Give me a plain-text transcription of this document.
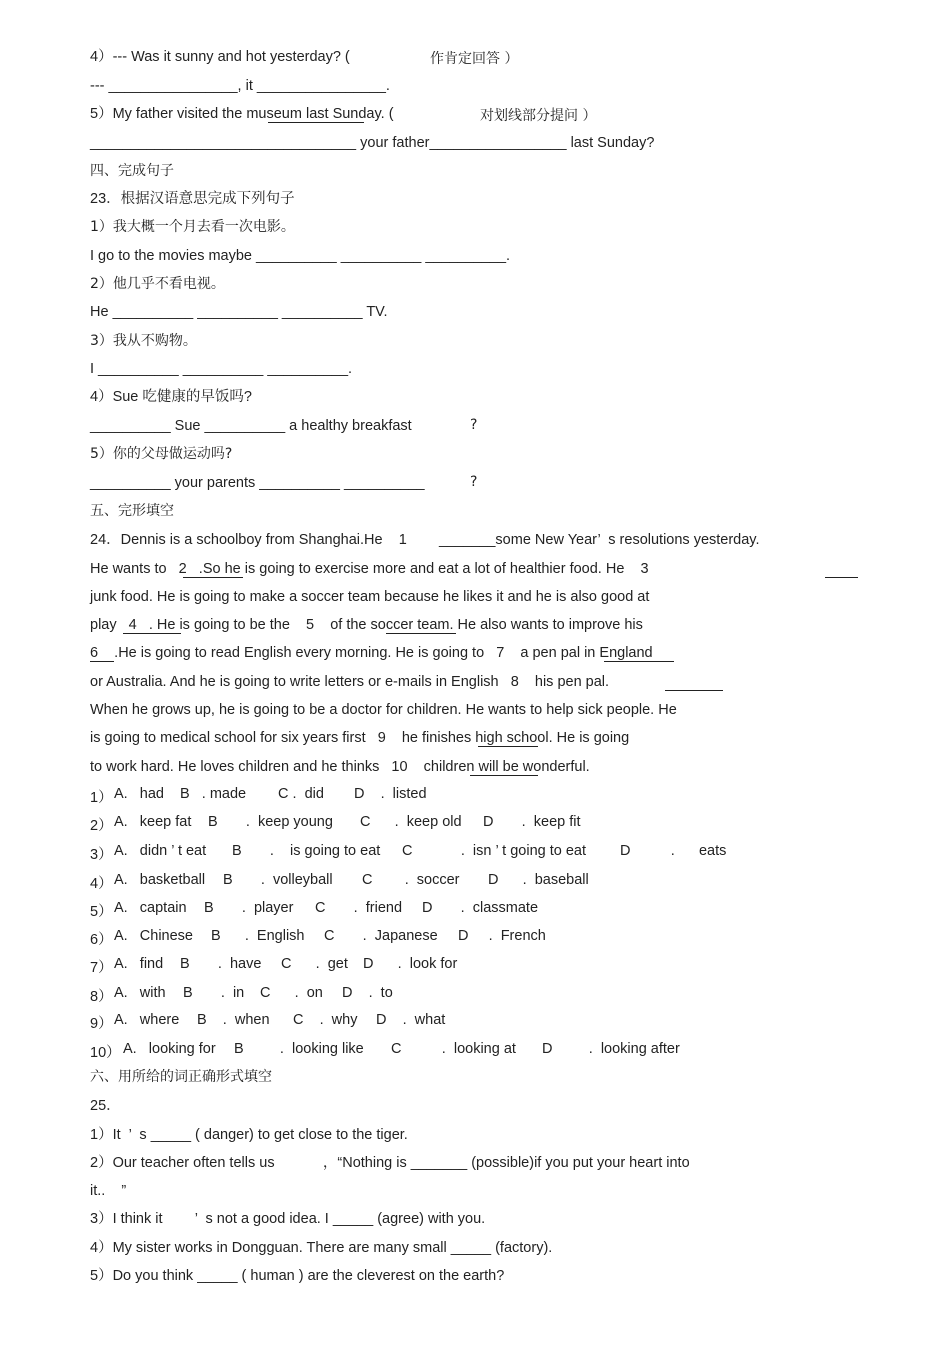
4）--- Was it sunny and hot yesterday? (	作肯定回答 ）
--- ________________, it ________________.
5）My father visited the museum last Sunday. (	对划线部分提问 ）
_________________________________ your father_________________ last Sunday?
四、完成句子
23．根据汉语意思完成下列句子
1）我大概一个月去看一次电影。
I go to the movies maybe __________ __________ __________.
2）他几乎不看电视。
He __________ __________ __________ TV.
3）我从不购物。
I __________ __________ __________.
4）Sue 吃健康的早饭吗?
__________ Sue __________ a healthy breakfast	?
5）你的父母做运动吗?
__________ your parents __________ __________	?
五、完形填空
24．Dennis is a schoolboy from Shanghai.He    1        _______some New Year’  s resolutions yesterday.
He wants to   2   .So he is going to exercise more and eat a lot of healthier food. He    3
junk food. He is going to make a soccer team because he likes it and he is also good at
play   4   . He is going to be the    5    of the soccer team. He also wants to improve his
6    .He is going to read English every morning. He is going to   7    a pen pal in England
or Australia. And he is going to write letters or e-mails in English   8    his pen pal.
When he grows up, he is going to be a doctor for children. He wants to help sick people. He
is going to medical school for six years first   9    he finishes high school. He is going
to work hard. He loves children and he thinks   10    children will be wonderful.

1）

A.   had

B   . made

C .  did

D    .  listed

2）

A.   keep fat

B       .  keep young

C      .  keep old

D       .  keep fit

3）

A.   didn ’ t eat

B       .    is going to eat

C            .  isn ’ t going to eat

D          .      eats

4）

A.   basketball

B       .  volleyball

C        .  soccer

D      .  baseball

5）

A.   captain

B       .  player

C       .  friend

D       .  classmate

6）

A.   Chinese

B      .  English

C       .  Japanese

D     .  French

7）

A.   find

B       .  have

C      .  get

D      .  look for

8）

A.   with

B       .  in

C      .  on

D    .  to

9）

A.   where

B    .  when

C    .  why

D    .  what

10）

A.   looking for

B         .  looking like

C          .  looking at

D         .  looking after

六、用所给的词正确形式填空
25．
1）It  ’  s _____ ( danger) to get close to the tiger.
2）Our teacher often tells us            ，“Nothing is _______ (possible)if you put your heart into
it..    ”
3）I think it        ’  s not a good idea. I _____ (agree) with you.
4）My sister works in Dongguan. There are many small _____ (factory).
5）Do you think _____ ( human ) are the cleverest on the earth?
